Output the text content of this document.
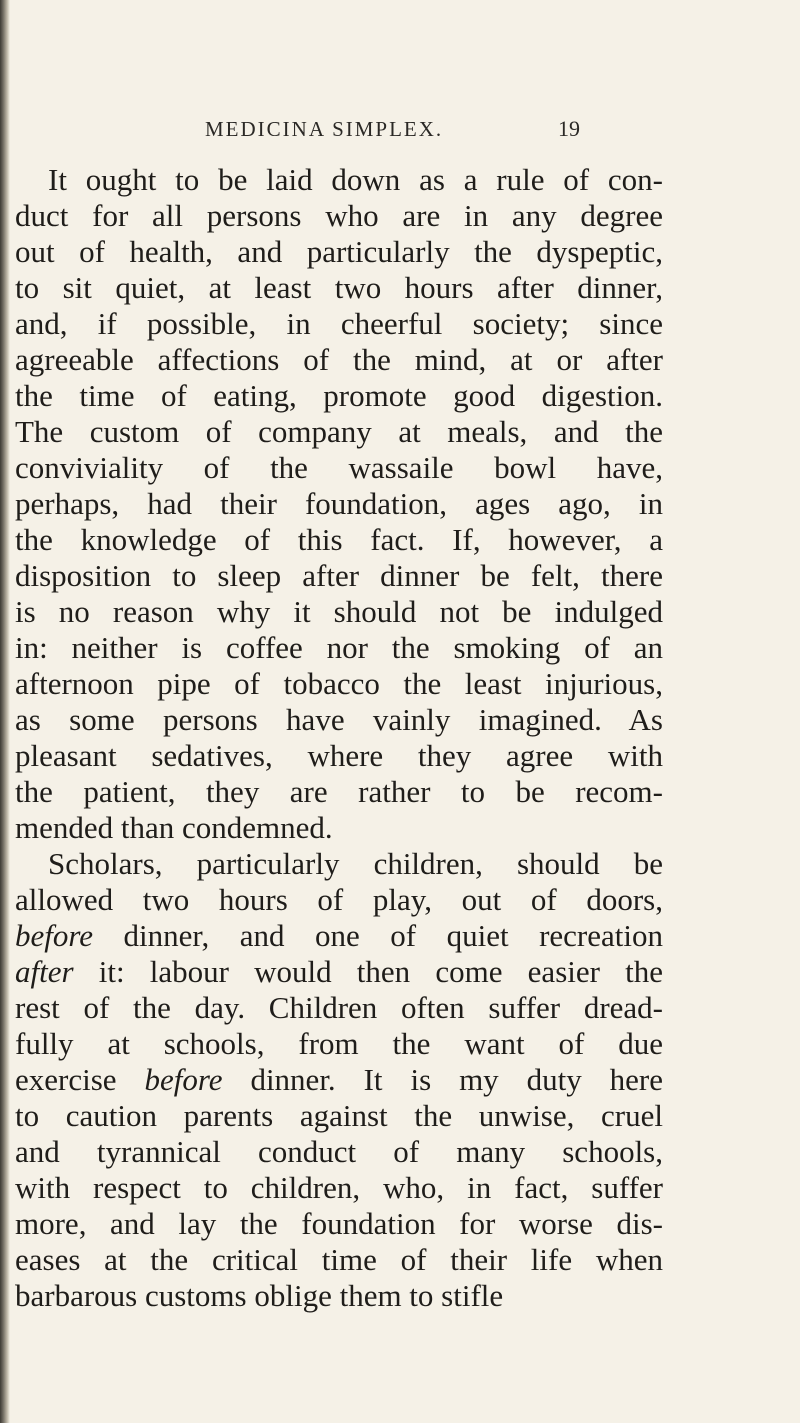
MEDICINA SIMPLEX.	19
It ought to be laid down as a rule of con-
duct for all persons who are in any degree
out of health, and particularly the dyspeptic,
to sit quiet, at least two hours after dinner,
and, if possible, in cheerful society; since
agreeable affections of the mind, at or after
the time of eating, promote good digestion.
The custom of company at meals, and the
conviviality of the wassaile bowl have,
perhaps, had their foundation, ages ago, in
the knowledge of this fact. If, however, a
disposition to sleep after dinner be felt, there
is no reason why it should not be indulged
in: neither is coffee nor the smoking of an
afternoon pipe of tobacco the least injurious,
as some persons have vainly imagined. As
pleasant sedatives, where they agree with
the patient, they are rather to be recom-
mended than condemned.
Scholars, particularly children, should be
allowed two hours of play, out of doors,
before dinner, and one of quiet recreation
after it: labour would then come easier the
rest of the day. Children often suffer dread-
fully at schools, from the want of due
exercise before dinner. It is my duty here
to caution parents against the unwise, cruel
and tyrannical conduct of many schools,
with respect to children, who, in fact, suffer
more, and lay the foundation for worse dis-
eases at the critical time of their life when
barbarous customs oblige them to stifle
